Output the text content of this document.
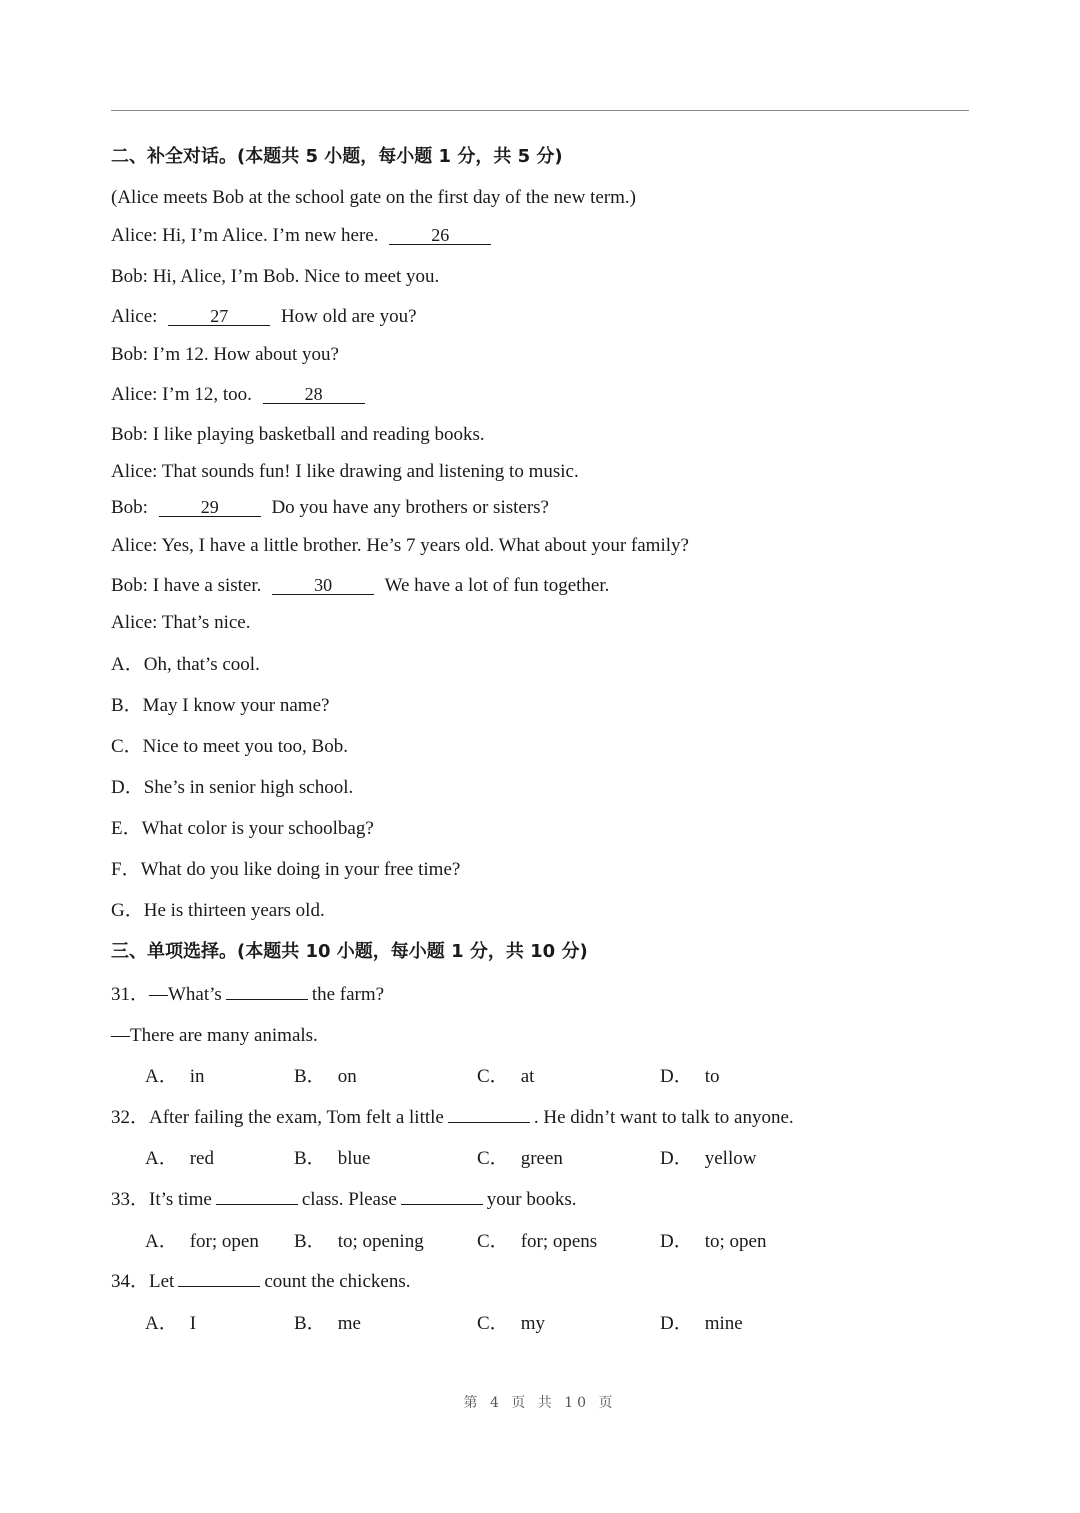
二、补全对话。(本题共 5 小题，每小题 1 分，共 5 分)
(Alice meets Bob at the school gate on the first day of the new term.)
Alice: Hi, I’m Alice. I’m new here.	26
Bob: Hi, Alice, I’m Bob. Nice to meet you.
Alice:	27	How old are you?
Bob: I’m 12. How about you?
Alice: I’m 12, too.	28
Bob: I like playing basketball and reading books.
Alice: That sounds fun! I like drawing and listening to music.
Bob:	29	Do you have any brothers or sisters?
Alice: Yes, I have a little brother. He’s 7 years old. What about your family?
Bob: I have a sister.	30	We have a lot of fun together.
Alice: That’s nice.
A．Oh, that’s cool.
B．May I know your name?
C．Nice to meet you too, Bob.
D．She’s in senior high school.
E．What color is your schoolbag?
F．What do you like doing in your free time?
G．He is thirteen years old.
三、单项选择。(本题共 10 小题，每小题 1 分，共 10 分)
31．—What’s	the farm?
—There are many animals.
A． in	B． on	C． at	D． to
32．After failing the exam, Tom felt a little	. He didn’t want to talk to anyone.
A． red	B． blue	C． green	D． yellow
33．It’s time	class. Please	your books.
A． for; open B． to; opening	C． for; opens	D． to; open
34．Let	count the chickens.
A． I	B． me	C． my	D． mine
第 4 页 共 10 页
